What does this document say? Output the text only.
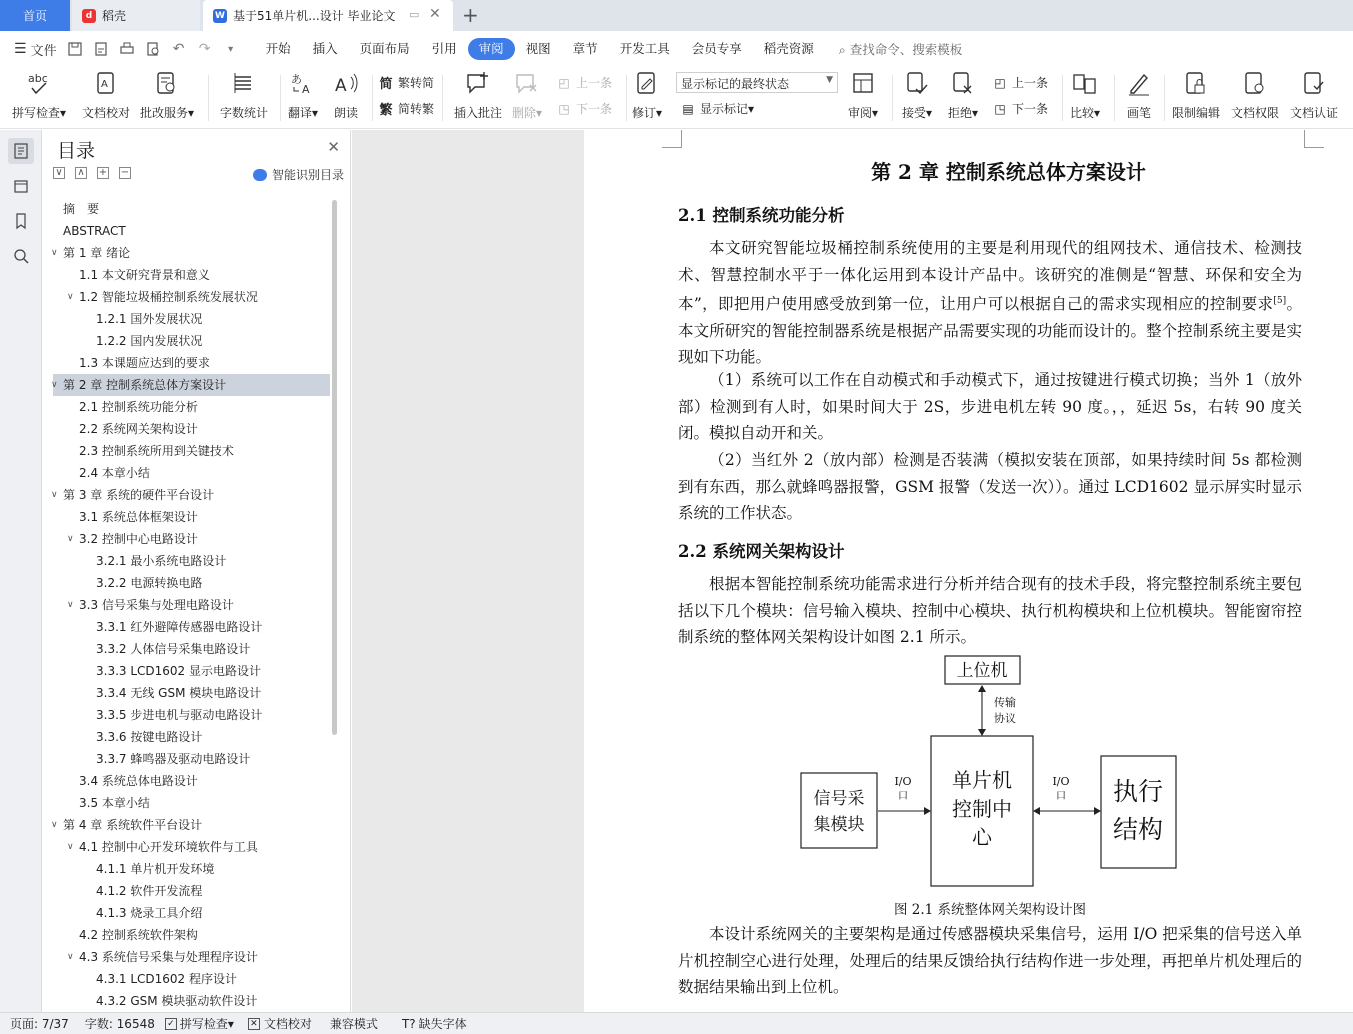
首页	d 稻壳	W 基于51单片机...设计 毕业论文 ▭ ✕ +
☰ 文件	↶ ↷	▾	开始	插入	页面布局	引用	审阅	视图	章节	开发工具	会员专享	稻壳资源	⌕ 查找命令、搜索模板
abc
拼写检查▾
A
文档校对 批改服务▾ 字数统计
あ
A
翻译▾
A
朗读
简 繁转简
繁 简转繁 插入批注 删除▾
◰ 上一条
◳ 下一条 修订▾
显示标记的最终状态	▼
▤ 显示标记 ▾	审阅▾ 接受▾ 拒绝▾
◰ 上一条
◳ 下一条 比较▾ 画笔 限制编辑 文档权限 文档认证
目录	✕
∨ ∧ + −	智能识别目录
摘　要
ABSTRACT
∨ 第 1 章 绪论
1.1 本文研究背景和意义
∨ 1.2 智能垃圾桶控制系统发展状况
1.2.1 国外发展状况
1.2.2 国内发展状况
1.3 本课题应达到的要求
∨ 第 2 章 控制系统总体方案设计
2.1 控制系统功能分析
2.2 系统网关架构设计
2.3 控制系统所用到关键技术
2.4 本章小结
∨ 第 3 章 系统的硬件平台设计
3.1 系统总体框架设计
∨ 3.2 控制中心电路设计
3.2.1 最小系统电路设计
3.2.2 电源转换电路
∨ 3.3 信号采集与处理电路设计
3.3.1 红外避障传感器电路设计
3.3.2 人体信号采集电路设计
3.3.3 LCD1602 显示电路设计
3.3.4 无线 GSM 模块电路设计
3.3.5 步进电机与驱动电路设计
3.3.6 按键电路设计
3.3.7 蜂鸣器及驱动电路设计
3.4 系统总体电路设计
3.5 本章小结
∨ 第 4 章 系统软件平台设计
∨ 4.1 控制中心开发环境软件与工具
4.1.1 单片机开发环境
4.1.2 软件开发流程
4.1.3 烧录工具介绍
4.2 控制系统软件架构
∨ 4.3 系统信号采集与处理程序设计
4.3.1 LCD1602 程序设计
4.3.2 GSM 模块驱动软件设计
第 2 章 控制系统总体方案设计
2.1 控制系统功能分析
本文研究智能垃圾桶控制系统使用的主要是利用现代的组网技术、通信技术、检测技术、智慧控制水平于一体化运用到本设计产品中。该研究的准侧是“智慧、环保和安全为本”，即把用户使用感受放到第一位，让用户可以根据自己的需求实现相应的控制要求[5]。本文所研究的智能控制器系统是根据产品需要实现的功能而设计的。整个控制系统主要是实现如下功能。
（1）系统可以工作在自动模式和手动模式下，通过按键进行模式切换；当外 1（放外部）检测到有人时，如果时间大于 2S，步进电机左转 90 度。，，延迟 5s，右转 90 度关闭。模拟自动开和关。
（2）当红外 2（放内部）检测是否装满（模拟安装在顶部，如果持续时间 5s 都检测到有东西，那么就蜂鸣器报警，GSM 报警（发送一次））。通过 LCD1602 显示屏实时显示系统的工作状态。
2.2 系统网关架构设计
根据本智能控制系统功能需求进行分析并结合现有的技术手段，将完整控制系统主要包括以下几个模块：信号输入模块、控制中心模块、执行机构模块和上位机模块。智能窗帘控制系统的整体网关架构设计如图 2.1 所示。
上位机
传输
协议
单片机
控制中
心
信号采
集模块
I/O
口
I/O
口 执行
结构
图 2.1 系统整体网关架构设计图
本设计系统网关的主要架构是通过传感器模块采集信号，运用 I/O 把采集的信号送入单片机控制空心进行处理，处理后的结果反馈给执行结构作进一步处理，再把单片机处理后的数据结果输出到上位机。
页面: 7/37 字数: 16548 ✓ 拼写检查 ▾ ✕ 文档校对 兼容模式 T? 缺失字体
